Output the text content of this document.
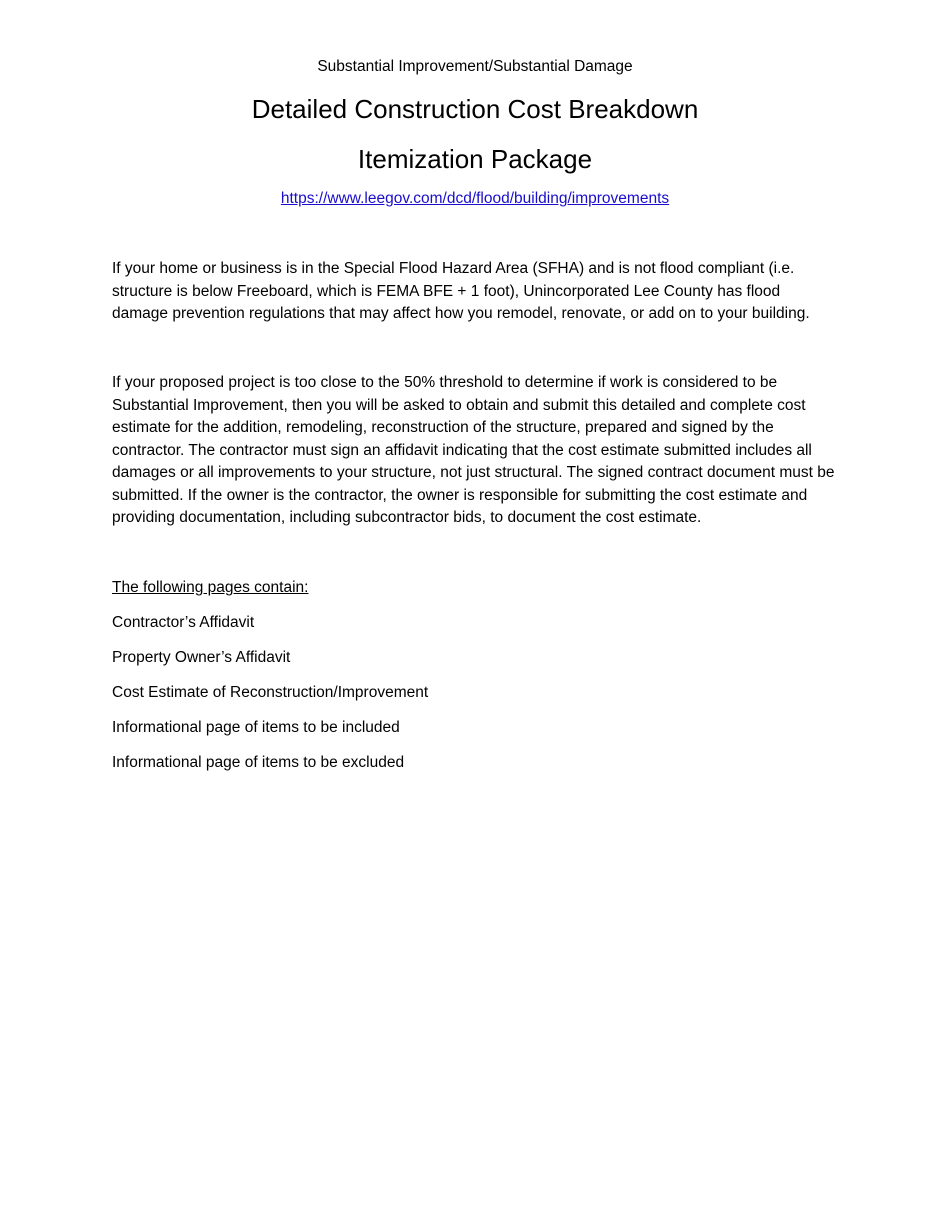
Substantial Improvement/Substantial Damage
Detailed Construction Cost Breakdown
Itemization Package
https://www.leegov.com/dcd/flood/building/improvements

If your home or business is in the Special Flood Hazard Area (SFHA) and is not flood compliant (i.e. structure is below Freeboard, which is FEMA BFE + 1 foot), Unincorporated Lee County has flood damage prevention regulations that may affect how you remodel, renovate, or add on to your building.

If your proposed project is too close to the 50% threshold to determine if work is considered to be Substantial Improvement, then you will be asked to obtain and submit this detailed and complete cost estimate for the addition, remodeling, reconstruction of the structure, prepared and signed by the contractor. The contractor must sign an affidavit indicating that the cost estimate submitted includes all damages or all improvements to your structure, not just structural. The signed contract document must be submitted. If the owner is the contractor, the owner is responsible for submitting the cost estimate and providing documentation, including subcontractor bids, to document the cost estimate.

The following pages contain:
Contractor’s Affidavit
Property Owner’s Affidavit
Cost Estimate of Reconstruction/Improvement
Informational page of items to be included
Informational page of items to be excluded
